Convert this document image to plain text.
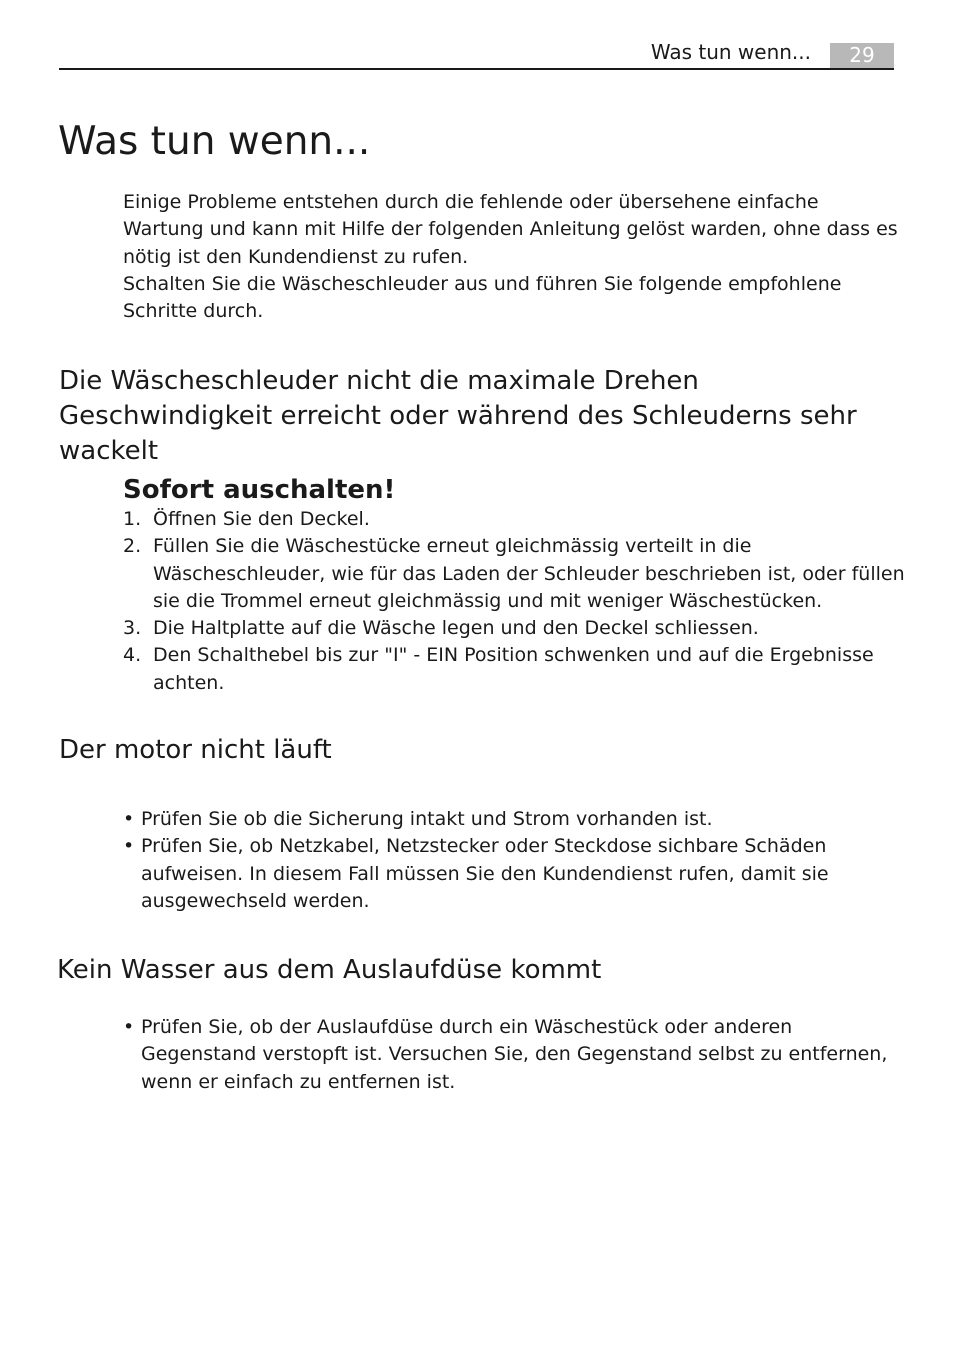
Was tun wenn...	29
Was tun wenn...

Einige Probleme entstehen durch die fehlende oder übersehene einfache Wartung und kann mit Hilfe der folgenden Anleitung gelöst warden, ohne dass es nötig ist den Kundendienst zu rufen.

Schalten Sie die Wäscheschleuder aus und führen Sie folgende empfohlene Schritte durch.

Die Wäscheschleuder nicht die maximale Drehen Geschwindigkeit erreicht oder während des Schleuderns sehr wackelt
Sofort auschalten!
1. Öffnen Sie den Deckel.
2. Füllen Sie die Wäschestücke erneut gleichmässig verteilt in die Wäscheschleuder, wie für das Laden der Schleuder beschrieben ist, oder füllen sie die Trommel erneut gleichmässig und mit weniger Wäschestücken.
3. Die Haltplatte auf die Wäsche legen und den Deckel schliessen.
4. Den Schalthebel bis zur "I" - EIN Position schwenken und auf die Ergebnisse achten.
Der motor nicht läuft
• Prüfen Sie ob die Sicherung intakt und Strom vorhanden ist.
• Prüfen Sie, ob Netzkabel, Netzstecker oder Steckdose sichbare Schäden aufweisen. In diesem Fall müssen Sie den Kundendienst rufen, damit sie ausgewechseld werden.
Kein Wasser aus dem Auslaufdüse kommt
• Prüfen Sie, ob der Auslaufdüse durch ein Wäschestück oder anderen Gegenstand verstopft ist. Versuchen Sie, den Gegenstand selbst zu entfernen, wenn er einfach zu entfernen ist.
